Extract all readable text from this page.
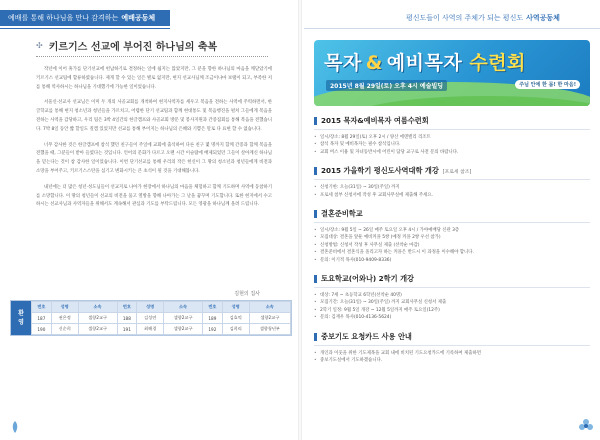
예배를 통해 하나님을 만나 감격하는 예배공동체
✣ 키르기스 선교에 부어진 하나님의 축복

작년에 이어 휴가를 단기선교에 헌납하기로 결정하는 일에 쉽지는 않았지만, 그 분을 향한 하나님의 마음을 깨닫았기에 키르기스 선교팀에 합류하였습니다. 제게 할 수 있는 일은 별로 없지만, 현지 선교사님께 조금이나마 보탬이 되고, 부족한 저를 통해 역사하시는 하나님을 기대했기에 가능한 일이었습니다.

서울신·선교사 선교님은 이미 두 개의 사골교회를 개척하여 현지사역자를 세우고 복음을 전하는 사역에 주력하면서, 한글학교를 통해 현지 청소년과 청년들을 가르치고, 어렵한 단기 선교팀과 함께 현대통도 및 복음행진을 펼쳐 그들에게 복음을 전하는 사역을 감당하고, 우리 팀은 3박 4일간의 한글캠프와 사골교회 방문 및 봉사지원과 간증집회를 통해 복음을 전했습니다. 7박 8일 동안 짧 할일도 질캠 있었지만 선교를 통해 부어지는 하나님의 은혜와 기쁨은 말로 다 표현 할 수 없습니다.

너무 감사한 것은 한글캠프에 참석 했던 친구들이 주일에 교회에 출석하여 다른 친구 몇 명까지 함께 간증과 함께 복음을 전했을 때, 그분들이 받아 들였다는 것입니다. 언어의 문화가 다르고 오랜 시간 이슬람에 배제되었던 그들이 살아계신 하나님을 믿는다는 것이 참 감사한 일이었습니다. 이번 단기선교를 통해 우리의 작은 헌신이 그 땅의 청소년과 청년들에게 비전과 소망을 부어주고, 키르기스스탄을 섬기고 변화시키는 큰 초석이 될 것을 기대해봅니다.

내년에는 더 많은 청년·성도님들이 선교지로 나아가 현장에서 하나님의 마음을 체험하고 함께 기도하며 사역에 동참하기를 소망합니다. 이 땅의 청년들이 선교의 비전을 품고 열방을 향해 나아가는 그 날을 꿈꾸며 기도합니다. 또한 현지에서 수고하시는 선교사님과 사역자들을 위해서도 계속해서 관심과 기도를 부탁드립니다. 모든 영광을 하나님께 올려 드립니다.

김현의 집사
환
영
번호	성명	소속	번호	성명	소속	번호	성명	소속
187	권은정	셀향2교구	188	김성연	셀향2교구	189	김효억	셀향2교구
190	신순희	셀향2교구	191	최해경	셀향2교구	192	김희리	셀향청년부
평신도들이 사역의 주체가 되는 평신도 사역공동체
목자 & 예비목자 수련회
2015년 8월 29일(토) 오후 4시 예술빌딩	주님 안에 한 몸! 한 마음!
2015 목자&예비목자 여름수련회
• 일시/장소: 8월 29일(토) 오후 2시 / 양산 에덴밸리 리조트
• 참석 목자 및 예비목자는 필수 참석입니다.
• 교회 버스 이용 및 자녀동반시에 어린이 담당 교구로 사전 문의 바랍니다.
2015 가을학기 평신도사역대학 개강 [포로세 참조]
• 신청기한: 오늘(31일) ~ 30일(주일) 까지
• 포로세 첨부 신청서에 작성 후 교회사무실에 제출해 주세요.
결혼준비학교
• 일시/장소: 9월 5일 ~ 26일 매주 토요일 오후 4시 / 가야예배당 신관 3층
• 모집대상: 결혼을 앞둔 예비커플 5쌍 (예정 커플 2쌍 우선 참가)
• 신청방법: 신청서 작성 후 사무실 제출 (선착순 마감)
• 결혼준비에서 결혼식을 올리고자 하는 커플은 반드시 이 과정을 이수해야 합니다.
• 문의: 이기적 목사(010-9409-8336)
토요학교(어와나) 2학기 개강
• 대상: 7세 ~ 초등학교 6학년(선착순 40명)
• 모집기간: 오늘(31일) ~ 30일(주일) 까지 교회사무실 신청서 제출
• 2학기 일정: 9월 5일 개강 ~ 12월 5일까지 매주 토요일(12주)
• 문의: 김재우 목사(010-4136-5624)
중보기도 요청카드 사용 안내
• 개인과 이웃을 위한 기도제목을 교회 내에 비치된 기도요청카드에 기록하여 제출하면
• 중보기도실에서 기도하겠습니다.
